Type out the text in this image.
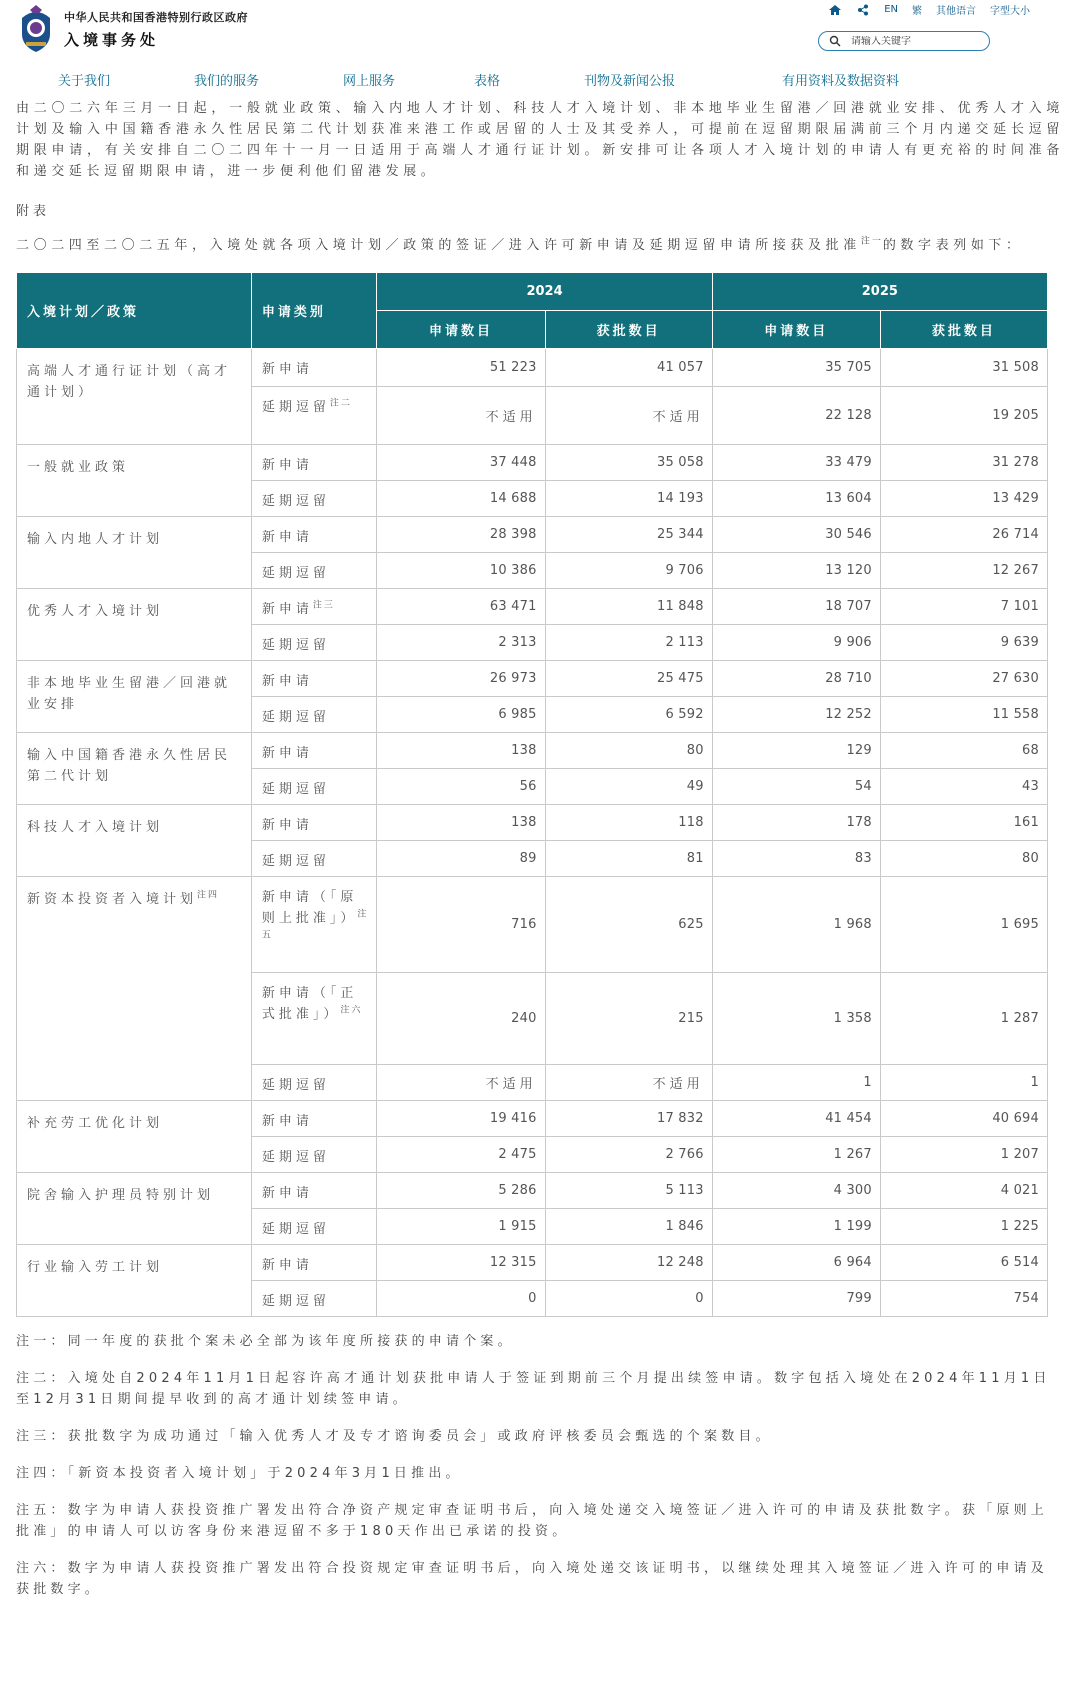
中华人民共和国香港特别行政区政府
入境事务处
EN 繁 其他语言 字型大小
请输入关键字
关于我们	我们的服务	网上服务	表格	刊物及新闻公报	有用资料及数据资料

由二〇二六年三月一日起，一般就业政策、输入内地人才计划、科技人才入境计划、非本地毕业生留港／回港就业安排、优秀人才入境计划及输入中国籍香港永久性居民第二代计划获准来港工作或居留的人士及其受养人，可提前在逗留期限届满前三个月内递交延长逗留期限申请，有关安排自二〇二四年十一月一日适用于高端人才通行证计划。新安排可让各项人才入境计划的申请人有更充裕的时间准备和递交延长逗留期限申请，进一步便利他们留港发展。

附表

二〇二四至二〇二五年，入境处就各项入境计划／政策的签证／进入许可新申请及延期逗留申请所接获及批准$^{注一}$的数字表列如下：

入境计划／政策	申请类别	2024		2025	
		申请数目	获批数目	申请数目	获批数目
高端人才通行证计划（高才通计划）	新申请	51 223	41 057	35 705	31 508
	延期逗留$^{注二}$	不适用	不适用	22 128	19 205
一般就业政策	新申请	37 448	35 058	33 479	31 278
	延期逗留	14 688	14 193	13 604	13 429
输入内地人才计划	新申请	28 398	25 344	30 546	26 714
	延期逗留	10 386	9 706	13 120	12 267
优秀人才入境计划	新申请$^{注三}$	63 471	11 848	18 707	7 101
	延期逗留	2 313	2 113	9 906	9 639
非本地毕业生留港／回港就业安排	新申请	26 973	25 475	28 710	27 630
	延期逗留	6 985	6 592	12 252	11 558
输入中国籍香港永久性居民第二代计划	新申请	138	80	129	68
	延期逗留	56	49	54	43
科技人才入境计划	新申请	138	118	178	161
	延期逗留	89	81	83	80
新资本投资者入境计划$^{注四}$	新申请（「原则上批准」）$^{注五}$	716	625	1 968	1 695
	新申请（「正式批准」）$^{注六}$	240	215	1 358	1 287
	延期逗留	不适用	不适用	1	1
补充劳工优化计划	新申请	19 416	17 832	41 454	40 694
	延期逗留	2 475	2 766	1 267	1 207
院舍输入护理员特别计划	新申请	5 286	5 113	4 300	4 021
	延期逗留	1 915	1 846	1 199	1 225
行业输入劳工计划	新申请	12 315	12 248	6 964	6 514
	延期逗留	0	0	799	754

注一：同一年度的获批个案未必全部为该年度所接获的申请个案。

注二：入境处自2024年11月1日起容许高才通计划获批申请人于签证到期前三个月提出续签申请。数字包括入境处在2024年11月1日至12月31日期间提早收到的高才通计划续签申请。

注三：获批数字为成功通过「输入优秀人才及专才谘询委员会」或政府评核委员会甄选的个案数目。

注四：「新资本投资者入境计划」于2024年3月1日推出。

注五：数字为申请人获投资推广署发出符合净资产规定审查证明书后，向入境处递交入境签证／进入许可的申请及获批数字。获「原则上批准」的申请人可以访客身份来港逗留不多于180天作出已承诺的投资。

注六：数字为申请人获投资推广署发出符合投资规定审查证明书后，向入境处递交该证明书，以继续处理其入境签证／进入许可的申请及获批数字。
